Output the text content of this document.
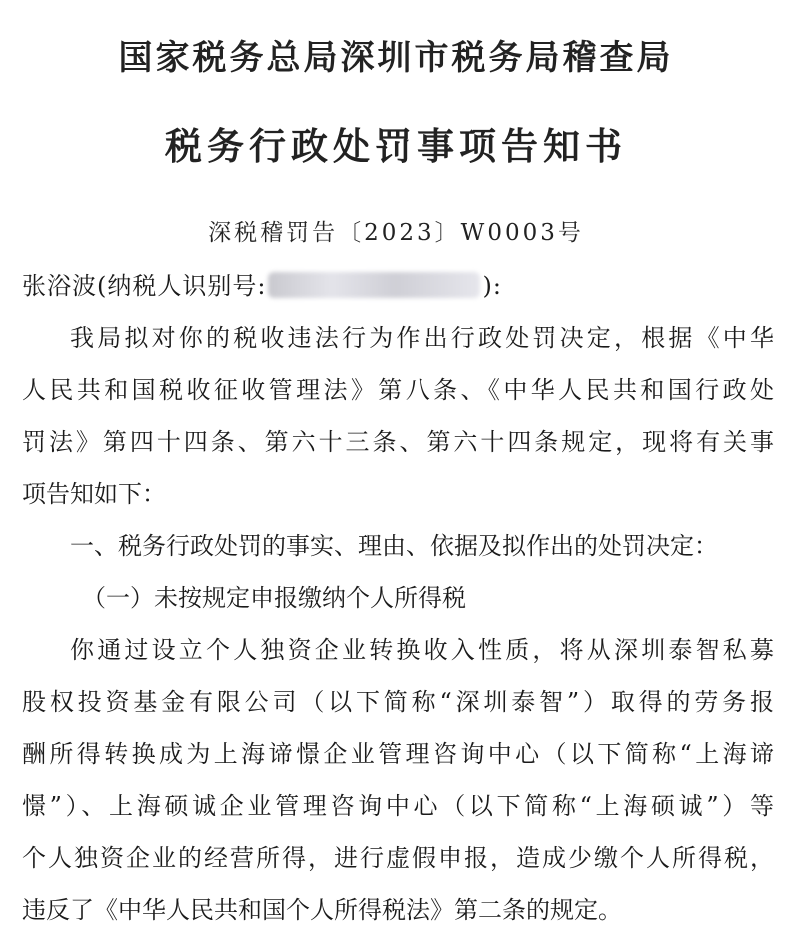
国家税务总局深圳市税务局稽查局
税务行政处罚事项告知书
深税稽罚告〔2023〕W0003号
张浴波(纳税人识别号:	):
我局拟对你的税收违法行为作出行政处罚决定，根据《中华
人民共和国税收征收管理法》第八条、《中华人民共和国行政处
罚法》第四十四条、第六十三条、第六十四条规定，现将有关事
项告知如下：
一、税务行政处罚的事实、理由、依据及拟作出的处罚决定：
（一）未按规定申报缴纳个人所得税
你通过设立个人独资企业转换收入性质，将从深圳泰智私募
股权投资基金有限公司（以下简称“深圳泰智”）取得的劳务报
酬所得转换成为上海谛憬企业管理咨询中心（以下简称“上海谛
憬”）、上海硕诚企业管理咨询中心（以下简称“上海硕诚”）等
个人独资企业的经营所得，进行虚假申报，造成少缴个人所得税，
违反了《中华人民共和国个人所得税法》第二条的规定。
